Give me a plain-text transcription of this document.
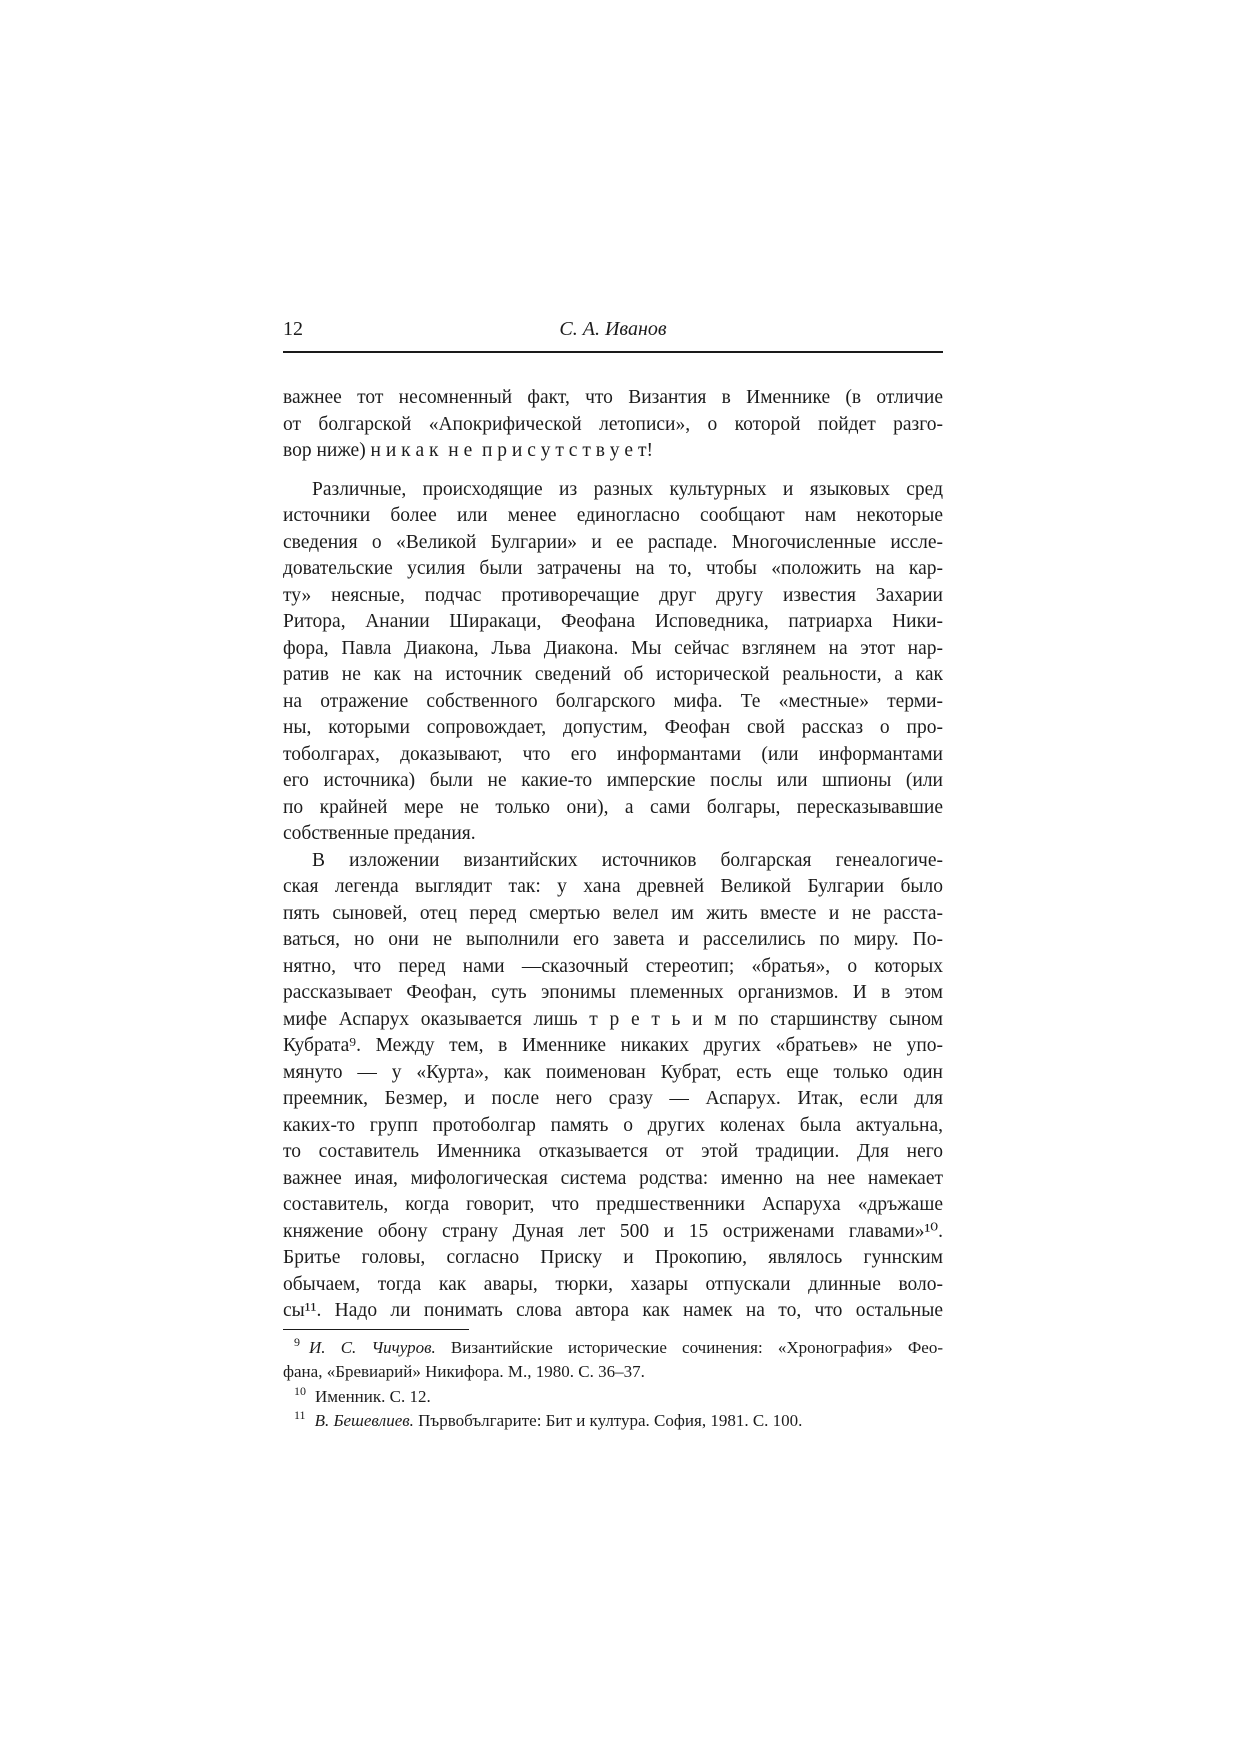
12	С. А. Иванов
важнее тот несомненный факт, что Византия в Именнике (в отличие
от болгарской «Апокрифической летописи», о которой пойдет разго-
вор ниже) н и к а к  н е  п р и с у т с т в у е т!
Различные, происходящие из разных культурных и языковых сред
источники более или менее единогласно сообщают нам некоторые
сведения о «Великой Булгарии» и ее распаде. Многочисленные иссле-
довательские усилия были затрачены на то, чтобы «положить на кар-
ту» неясные, подчас противоречащие друг другу известия Захарии
Ритора, Анании Ширакаци, Феофана Исповедника, патриарха Ники-
фора, Павла Диакона, Льва Диакона. Мы сейчас взглянем на этот нар-
ратив не как на источник сведений об исторической реальности, а как
на отражение собственного болгарского мифа. Те «местные» терми-
ны, которыми сопровождает, допустим, Феофан свой рассказ о про-
тоболгарах, доказывают, что его информантами (или информантами
его источника) были не какие-то имперские послы или шпионы (или
по крайней мере не только они), а сами болгары, пересказывавшие
собственные предания.
В изложении византийских источников болгарская генеалогиче-
ская легенда выглядит так: у хана древней Великой Булгарии было
пять сыновей, отец перед смертью велел им жить вместе и не расста-
ваться, но они не выполнили его завета и расселились по миру. По-
нятно, что перед нами —сказочный стереотип; «братья», о которых
рассказывает Феофан, суть эпонимы племенных организмов. И в этом
мифе Аспарух оказывается лишь т р е т ь и м по старшинству сыном
Кубрата⁹. Между тем, в Именнике никаких других «братьев» не упо-
мянуто — у «Курта», как поименован Кубрат, есть еще только один
преемник, Безмер, и после него сразу — Аспарух. Итак, если для
каких-то групп протоболгар память о других коленах была актуальна,
то составитель Именника отказывается от этой традиции. Для него
важнее иная, мифологическая система родства: именно на нее намекает
составитель, когда говорит, что предшественники Аспаруха «дръжаше
княжение обону страну Дуная лет 500 и 15 остриженами главами»¹⁰.
Бритье головы, согласно Приску и Прокопию, являлось гуннским
обычаем, тогда как авары, тюрки, хазары отпускали длинные воло-
сы¹¹. Надо ли понимать слова автора как намек на то, что остальные
$^9$ И. С. Чичуров. Византийские исторические сочинения: «Хронография» Фео-
фана, «Бревиарий» Никифора. М., 1980. С. 36–37.
$^{10}$ Именник. С. 12.
$^{11}$ В. Бешевлиев. Първобългарите: Бит и култура. София, 1981. С. 100.
